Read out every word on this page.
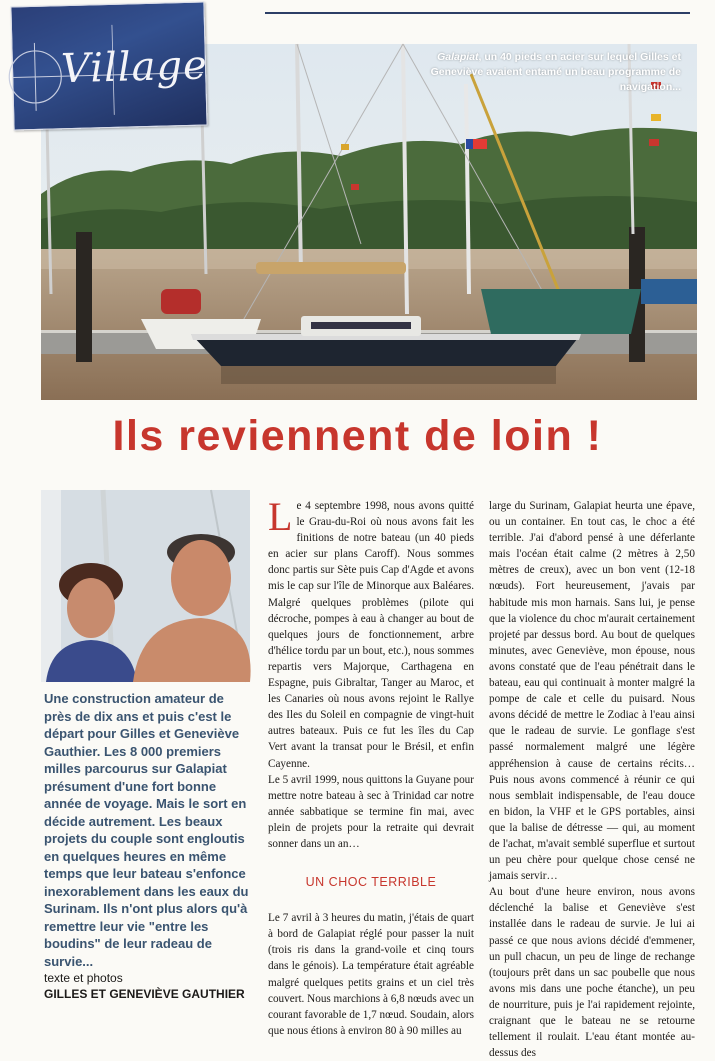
Galapiat, un 40 pieds en acier sur lequel Gilles et Geneviève avaient entamé un beau programme de navigation...
Village
Ils reviennent de loin !
Une construction amateur de près de dix ans et puis c'est le départ pour Gilles et Geneviève Gauthier. Les 8 000 premiers milles parcourus sur Galapiat présument d'une fort bonne année de voyage. Mais le sort en décide autrement. Les beaux projets du couple sont engloutis en quelques heures en même temps que leur bateau s'enfonce inexorablement dans les eaux du Surinam. Ils n'ont plus alors qu'à remettre leur vie "entre les boudins" de leur radeau de survie...
texte et photos
GILLES ET GENEVIÈVE GAUTHIER

Le 4 septembre 1998, nous avons quitté le Grau-du-Roi où nous avons fait les finitions de notre bateau (un 40 pieds en acier sur plans Caroff). Nous sommes donc partis sur Sète puis Cap d'Agde et avons mis le cap sur l'île de Minorque aux Baléares. Malgré quelques problèmes (pilote qui décroche, pompes à eau à changer au bout de quelques jours de fonctionnement, arbre d'hélice tordu par un bout, etc.), nous sommes repartis vers Majorque, Carthagena en Espagne, puis Gibraltar, Tanger au Maroc, et les Canaries où nous avons rejoint le Rallye des Iles du Soleil en compagnie de vingt-huit autres bateaux. Puis ce fut les îles du Cap Vert avant la transat pour le Brésil, et enfin Cayenne.

Le 5 avril 1999, nous quittons la Guyane pour mettre notre bateau à sec à Trinidad car notre année sabbatique se termine fin mai, avec plein de projets pour la retraite qui devrait sonner dans un an…

UN CHOC TERRIBLE

Le 7 avril à 3 heures du matin, j'étais de quart à bord de Galapiat réglé pour passer la nuit (trois ris dans la grand-voile et cinq tours dans le génois). La température était agréable malgré quelques petits grains et un ciel très couvert. Nous marchions à 6,8 nœuds avec un courant favorable de 1,7 nœud. Soudain, alors que nous étions à environ 80 à 90 milles au

large du Surinam, Galapiat heurta une épave, ou un container. En tout cas, le choc a été terrible. J'ai d'abord pensé à une déferlante mais l'océan était calme (2 mètres à 2,50 mètres de creux), avec un bon vent (12-18 nœuds). Fort heureusement, j'avais par habitude mis mon harnais. Sans lui, je pense que la violence du choc m'aurait certainement projeté par dessus bord. Au bout de quelques minutes, avec Geneviève, mon épouse, nous avons constaté que de l'eau pénétrait dans le bateau, eau qui continuait à monter malgré la pompe de cale et celle du puisard. Nous avons décidé de mettre le Zodiac à l'eau ainsi que le radeau de survie. Le gonflage s'est passé normalement malgré une légère appréhension à cause de certains récits… Puis nous avons commencé à réunir ce qui nous semblait indispensable, de l'eau douce en bidon, la VHF et le GPS portables, ainsi que la balise de détresse — qui, au moment de l'achat, m'avait semblé superflue et surtout un peu chère pour quelque chose censé ne jamais servir…

Au bout d'une heure environ, nous avons déclenché la balise et Geneviève s'est installée dans le radeau de survie. Je lui ai passé ce que nous avions décidé d'emmener, un pull chacun, un peu de linge de rechange (toujours prêt dans un sac poubelle que nous avons mis dans une poche étanche), un peu de nourriture, puis je l'ai rapidement rejointe, craignant que le bateau ne se retourne tellement il roulait. L'eau étant montée au-dessus des
